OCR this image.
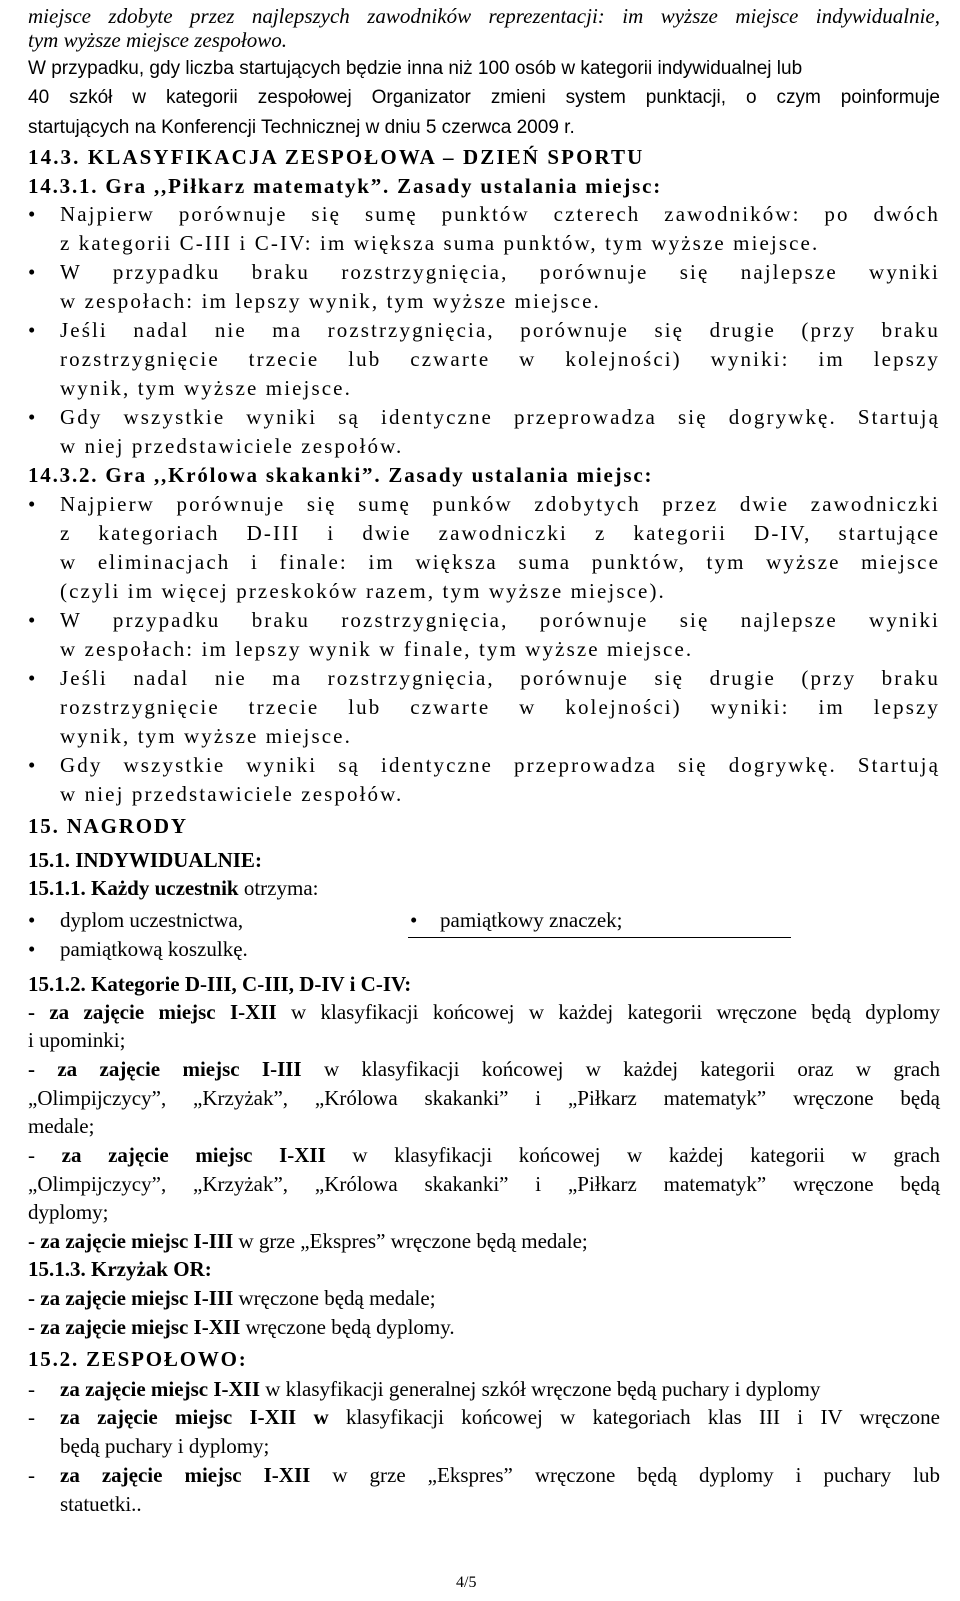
miejsce zdobyte przez najlepszych zawodników reprezentacji: im wyższe miejsce indywidualnie,
tym wyższe miejsce zespołowo.
W przypadku, gdy liczba startujących będzie inna niż 100 osób w kategorii indywidualnej lub
40 szkół w kategorii zespołowej Organizator zmieni system punktacji, o czym poinformuje
startujących na Konferencji Technicznej w dniu 5 czerwca 2009 r.
14.3. KLASYFIKACJA ZESPOŁOWA – DZIEŃ SPORTU
14.3.1. Gra ,,Piłkarz matematyk”. Zasady ustalania miejsc:
• Najpierw porównuje się sumę punktów czterech zawodników: po dwóch
z kategorii C-III i C-IV: im większa suma punktów, tym wyższe miejsce.
• W przypadku braku rozstrzygnięcia, porównuje się najlepsze wyniki
w zespołach: im lepszy wynik, tym wyższe miejsce.
• Jeśli nadal nie ma rozstrzygnięcia, porównuje się drugie (przy braku
rozstrzygnięcie trzecie lub czwarte w kolejności) wyniki: im lepszy
wynik, tym wyższe miejsce.
• Gdy wszystkie wyniki są identyczne przeprowadza się dogrywkę. Startują
w niej przedstawiciele zespołów.
14.3.2. Gra ,,Królowa skakanki”. Zasady ustalania miejsc:
• Najpierw porównuje się sumę punków zdobytych przez dwie zawodniczki
z kategoriach D-III i dwie zawodniczki z kategorii D-IV, startujące
w eliminacjach i finale: im większa suma punktów, tym wyższe miejsce
(czyli im więcej przeskoków razem, tym wyższe miejsce).
• W przypadku braku rozstrzygnięcia, porównuje się najlepsze wyniki
w zespołach: im lepszy wynik w finale, tym wyższe miejsce.
• Jeśli nadal nie ma rozstrzygnięcia, porównuje się drugie (przy braku
rozstrzygnięcie trzecie lub czwarte w kolejności) wyniki: im lepszy
wynik, tym wyższe miejsce.
• Gdy wszystkie wyniki są identyczne przeprowadza się dogrywkę. Startują
w niej przedstawiciele zespołów.
15. NAGRODY
15.1. INDYWIDUALNIE:
15.1.1. Każdy uczestnik otrzyma:
• dyplom uczestnictwa,	• pamiątkowy znaczek;
• pamiątkową koszulkę.
15.1.2. Kategorie D-III, C-III, D-IV i C-IV:
- za zajęcie miejsc I-XII w klasyfikacji końcowej w każdej kategorii wręczone będą dyplomy
i upominki;
- za zajęcie miejsc I-III w klasyfikacji końcowej w każdej kategorii oraz w grach
„Olimpijczycy”, „Krzyżak”, „Królowa skakanki” i „Piłkarz matematyk” wręczone będą
medale;
- za zajęcie miejsc I-XII w klasyfikacji końcowej w każdej kategorii w grach
„Olimpijczycy”, „Krzyżak”, „Królowa skakanki” i „Piłkarz matematyk” wręczone będą
dyplomy;
- za zajęcie miejsc I-III w grze „Ekspres” wręczone będą medale;
15.1.3. Krzyżak OR:
- za zajęcie miejsc I-III wręczone będą medale;
- za zajęcie miejsc I-XII wręczone będą dyplomy.
15.2. ZESPOŁOWO:
- za zajęcie miejsc I-XII w klasyfikacji generalnej szkół wręczone będą puchary i dyplomy
- za zajęcie miejsc I-XII w klasyfikacji końcowej w kategoriach klas III i IV wręczone
będą puchary i dyplomy;
- za zajęcie miejsc I-XII w grze „Ekspres” wręczone będą dyplomy i puchary lub
statuetki..
4/5
